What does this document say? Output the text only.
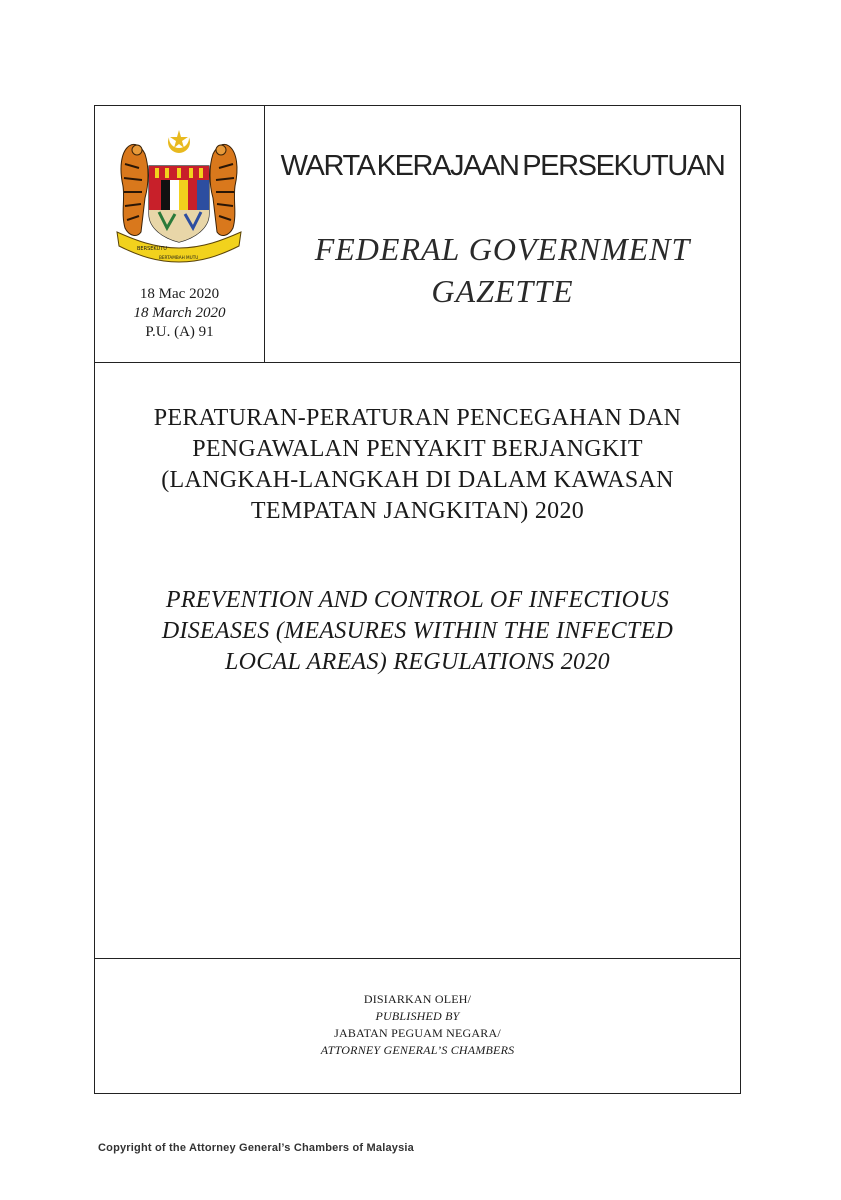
BERSEKUTU
BERTAMBAH MUTU
18 Mac 2020
18 March 2020
P.U. (A) 91
WARTA KERAJAAN PERSEKUTUAN
FEDERAL GOVERNMENT
GAZETTE
PERATURAN-PERATURAN PENCEGAHAN DAN
PENGAWALAN PENYAKIT BERJANGKIT
(LANGKAH-LANGKAH DI DALAM KAWASAN
TEMPATAN JANGKITAN) 2020
PREVENTION AND CONTROL OF INFECTIOUS
DISEASES (MEASURES WITHIN THE INFECTED
LOCAL AREAS) REGULATIONS 2020
DISIARKAN OLEH/
PUBLISHED BY
JABATAN PEGUAM NEGARA/
ATTORNEY GENERAL’S CHAMBERS
Copyright of the Attorney General’s Chambers of Malaysia
